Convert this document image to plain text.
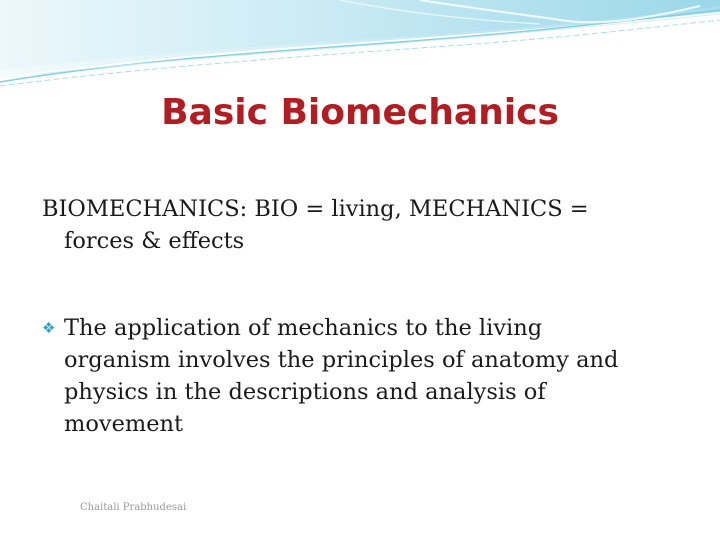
Basic Biomechanics
BIOMECHANICS: BIO = living, MECHANICS =
forces & effects
❖ The application of mechanics to the living
organism involves the principles of anatomy and
physics in the descriptions and analysis of
movement
Chaitali Prabhudesai
